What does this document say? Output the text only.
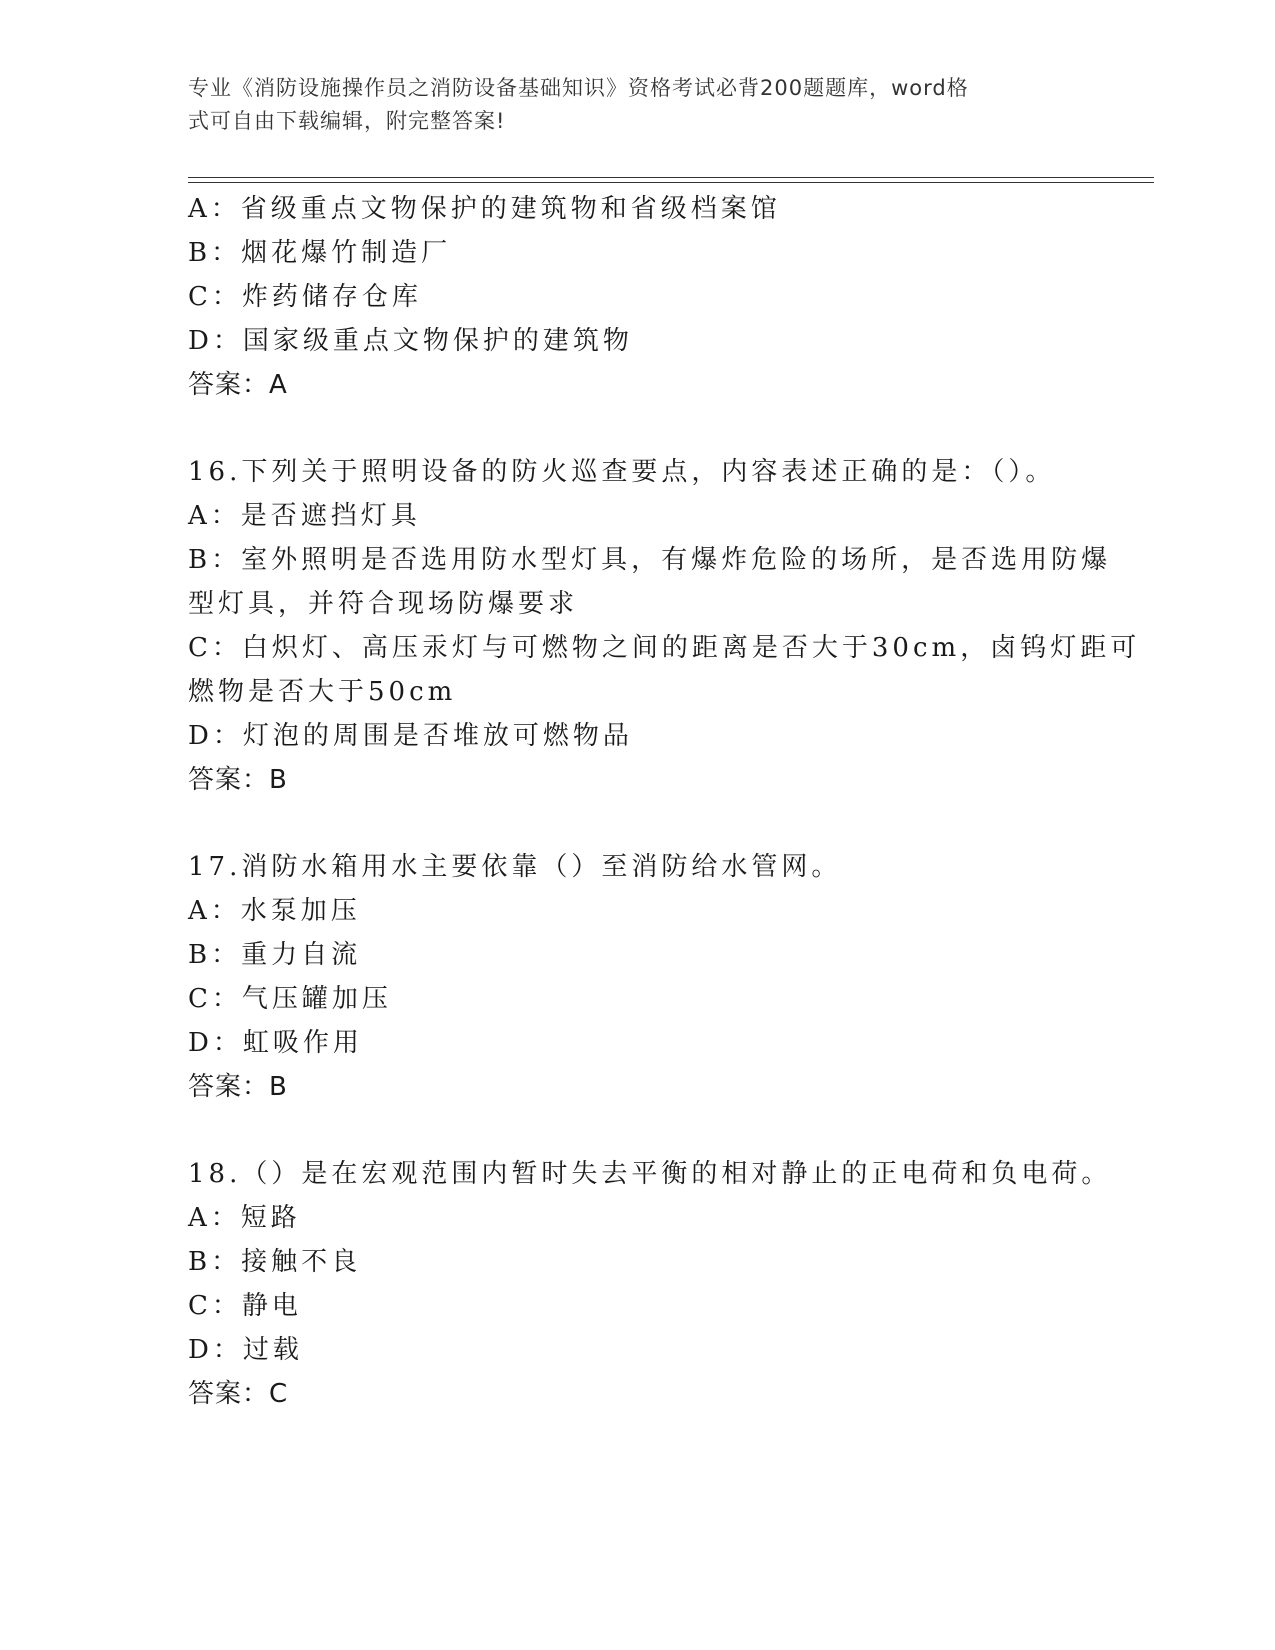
专业《消防设施操作员之消防设备基础知识》资格考试必背200题题库，word格
式可自由下载编辑，附完整答案!
A：省级重点文物保护的建筑物和省级档案馆
B：烟花爆竹制造厂
C：炸药储存仓库
D：国家级重点文物保护的建筑物
答案：A
16.下列关于照明设备的防火巡查要点，内容表述正确的是：（）。
A：是否遮挡灯具
B：室外照明是否选用防水型灯具，有爆炸危险的场所，是否选用防爆
型灯具，并符合现场防爆要求
C：白炽灯、高压汞灯与可燃物之间的距离是否大于30cm，卤钨灯距可
燃物是否大于50cm
D：灯泡的周围是否堆放可燃物品
答案：B
17.消防水箱用水主要依靠（）至消防给水管网。
A：水泵加压
B：重力自流
C：气压罐加压
D：虹吸作用
答案：B
18.（）是在宏观范围内暂时失去平衡的相对静止的正电荷和负电荷。
A：短路
B：接触不良
C：静电
D：过载
答案：C
